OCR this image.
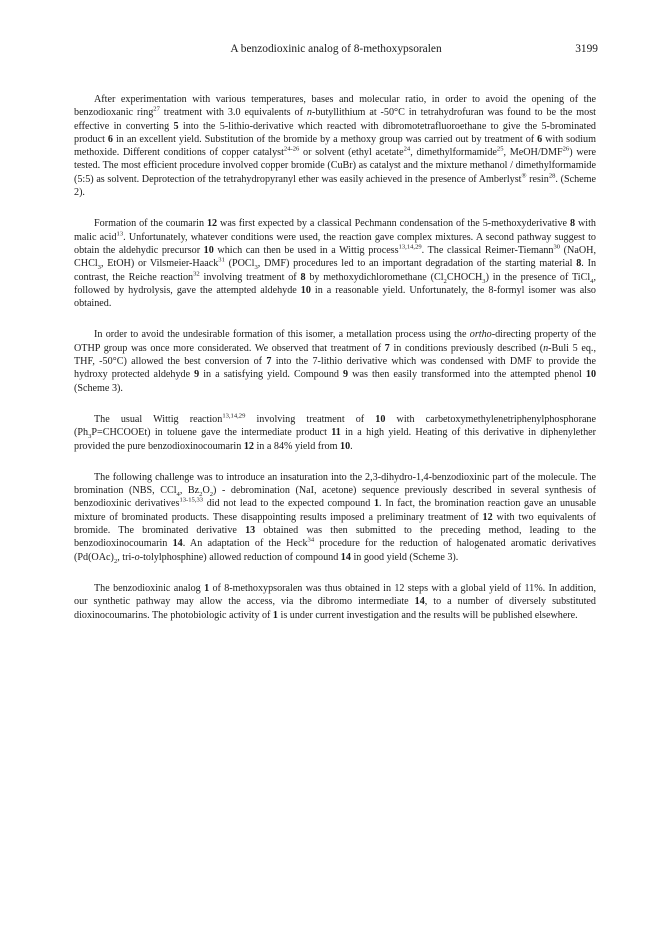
A benzodioxinic analog of 8-methoxypsoralen	3199

After experimentation with various temperatures, bases and molecular ratio, in order to avoid the opening of the benzodioxanic ring$^{27}$ treatment with 3.0 equivalents of n-butyllithium at -50°C in tetrahydrofuran was found to be the most effective in converting 5 into the 5-lithio-derivative which reacted with dibromotetrafluoroethane to give the 5-brominated product 6 in an excellent yield. Substitution of the bromide by a methoxy group was carried out by treatment of 6 with sodium methoxide. Different conditions of copper catalyst$^{24-26}$ or solvent (ethyl acetate$^{24}$, dimethylformamide$^{25}$, MeOH/DMF$^{26}$) were tested. The most efficient procedure involved copper bromide (CuBr) as catalyst and the mixture methanol / dimethylformamide (5:5) as solvent. Deprotection of the tetrahydropyranyl ether was easily achieved in the presence of Amberlyst® resin$^{28}$. (Scheme 2).

Formation of the coumarin 12 was first expected by a classical Pechmann condensation of the 5-methoxyderivative 8 with malic acid$^{13}$. Unfortunately, whatever conditions were used, the reaction gave complex mixtures. A second pathway suggest to obtain the aldehydic precursor 10 which can then be used in a Wittig process$^{13,14,29}$. The classical Reimer-Tiemann$^{30}$ (NaOH, CHCl$_3$, EtOH) or Vilsmeier-Haack$^{31}$ (POCl$_3$, DMF) procedures led to an important degradation of the starting material 8. In contrast, the Reiche reaction$^{32}$ involving treatment of 8 by methoxydichloromethane $(Cl_2CHOCH_3)$ in the presence of TiCl$_4$, followed by hydrolysis, gave the attempted aldehyde 10 in a reasonable yield. Unfortunately, the 8-formyl isomer was also obtained.

In order to avoid the undesirable formation of this isomer, a metallation process using the ortho-directing property of the OTHP group was once more considerated. We observed that treatment of 7 in conditions previously described (n-Buli 5 eq., THF, -50°C) allowed the best conversion of 7 into the 7-lithio derivative which was condensed with DMF to provide the hydroxy protected aldehyde 9 in a satisfying yield. Compound 9 was then easily transformed into the attempted phenol 10 (Scheme 3).

The usual Wittig reaction$^{13,14,29}$ involving treatment of 10 with carbetoxymethylenetriphenylphosphorane $(Ph_3P=CHCOOEt)$ in toluene gave the intermediate product 11 in a high yield. Heating of this derivative in diphenylether provided the pure benzodioxinocoumarin 12 in a 84% yield from 10.

The following challenge was to introduce an insaturation into the 2,3-dihydro-1,4-benzodioxinic part of the molecule. The bromination (NBS, CCl$_4$, $Bz_2O_2$) - debromination (NaI, acetone) sequence previously described in several synthesis of benzodioxinic derivatives$^{13-15,33}$ did not lead to the expected compound 1. In fact, the bromination reaction gave an unusable mixture of brominated products. These disappointing results imposed a preliminary treatment of 12 with two equivalents of bromide. The brominated derivative 13 obtained was then submitted to the preceding method, leading to the benzodioxinocoumarin 14. An adaptation of the Heck$^{34}$ procedure for the reduction of halogenated aromatic derivatives ($Pd(OAc)_2$, tri-o-tolylphosphine) allowed reduction of compound 14 in good yield (Scheme 3).

The benzodioxinic analog 1 of 8-methoxypsoralen was thus obtained in 12 steps with a global yield of 11%. In addition, our synthetic pathway may allow the access, via the dibromo intermediate 14, to a number of diversely substituted dioxinocoumarins. The photobiologic activity of 1 is under current investigation and the results will be published elsewhere.
